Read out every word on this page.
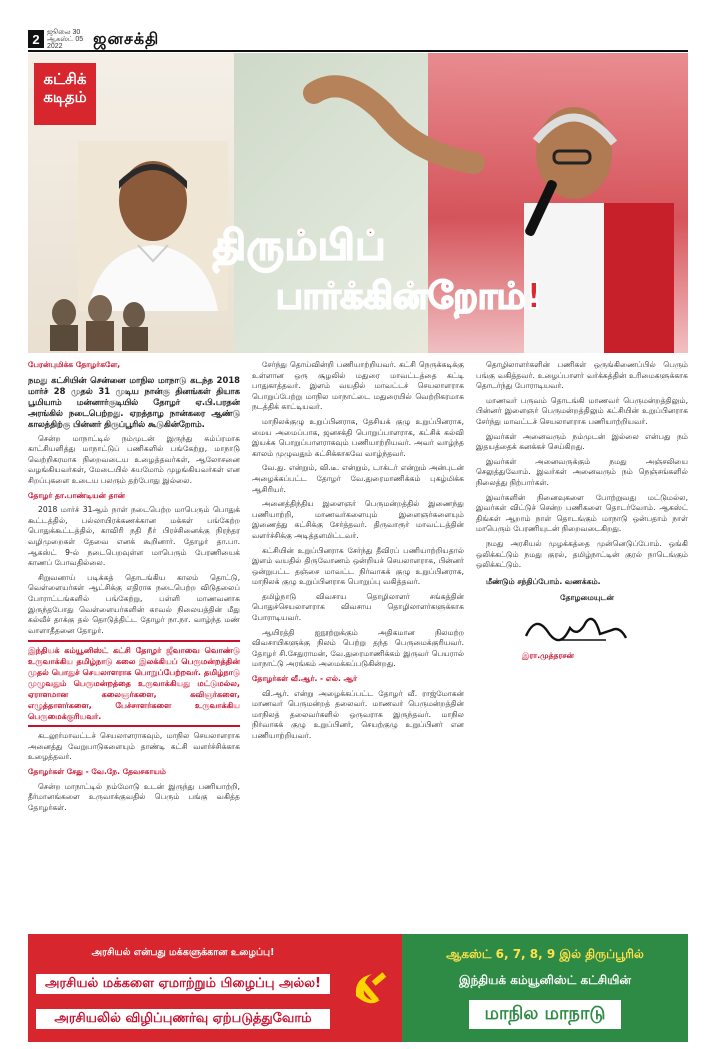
2	ஜூலை 30
ஆகஸ்ட் 05
2022	ஜனசக்தி
கட்சிக்
கடிதம்
திரும்பிப்
பார்க்கின்றோம்!

பேரன்புமிக்க தோழர்களே,

நமது கட்சியின் சென்னை மாநில மாநாடு கடந்த 2018 மார்ச் 28 முதல் 31 முடிய நான்கு தினங்கள் தியாக பூமியாம் மன்னார்குடியில் தோழர் ஏ.பி.பரதன் அரங்கில் நடைபெற்றது. ஏறத்தாழ நான்கரை ஆண்டு காலத்திற்கு பின்னர் திருப்பூரில் கூடுகின்றோம்.

சென்ற மாநாட்டில் நம்முடன் இருந்து சும்ப்ரமாக காட்சியளித்து மாநாட்டுப் பணிகளில் பங்கேற்று, மாநாடு வெற்றிகரமாக நிறைவடைய உழைத்தவர்கள், ஆலோசனை வழங்கியவர்கள், மேடையில் சுயமோம் முழங்கியவர்கள் என சிறப்புகளை உடைய பலரும் தற்போது இல்லை.

தோழர் தா.பாண்டியன் தான்

2018 மார்ச் 31ஆம் நாள் நடைபெற்ற மாபெரும் பொதுக் கூட்டத்தில், பல்லாயிரக்கணக்கான மக்கள் பங்கேற்ற பொதுக்கூட்டத்தில், காவிரி நதி நீர் பிரச்சினைக்கு நிரந்தர வழிமுறைகள் தேவை எனக் கூறினார். தோழர் தா.பா. ஆகஸ்ட் 9-ல் நடைபெறவுள்ள மாபெரும் பேரணியைக் காணப் போவதில்லை.

சிறுவனாய் படிக்கத் தொடங்கிய காலம் தொட்டு, வெள்ளையர்கள் ஆட்சிக்கு எதிராக நடைபெற்ற விடுதலைப் போராட்டங்களில் பங்கேற்று, பள்ளி மாணவனாக இருந்தபோது வெள்ளையர்களின் காவல் நிலையத்தின் மீது கல்வீச் தாக்கு தல் தொடுத்திட்ட தோழர் நா.நா. வாழ்ந்த மண் வாளாதீதனை தோழர்.

இந்தியக் கம்யூனிஸ்ட் கட்சி தோழர் ஜீவாவை வொண்டு உருவாக்கிய தமிழ்நாடு கலை இலக்கியப் பெருமன்றத்தின் முதல் பொதுச் செயலாளராக பொறுப்பேற்றவர். தமிழ்நாடு முழுவதும் பெருமன்றத்தை உருவாக்கியது மட்டுமல்ல, ஏராளமான கலைஞர்களை, கவிஞர்களை, எழுத்தாளர்களை, பேச்சாளர்களை உருவாக்கிய பெருமைக்குரியவர்.

கடலூர்மாவட்டச் செயலாளராகவும், மாநில செயலாளராக அனைத்து வேறுபாடுகளையும் தாண்டி கட்சி வளர்ச்சிக்காக உழைத்தவர்.

தோழர்கள் சேது - வே.நே. தேவசகாயம்

சென்ற மாநாட்டில் நம்மோடு உடன் இருந்து பணியாற்றி, தீர்மானங்களை உருவாக்குவதில் பெரும் பங்கு வகித்த தோழர்கள்.

சேர்ந்து தொய்வின்றி பணியாற்றியவர். கட்சி நெருக்கடிக்கு உள்ளான ஒரு சூழலில் மதுரை மாவட்டத்தை கட்டி பாதுகாத்தவர். இளம் வயதில் மாவட்டச் செயலாளராக பொறுப்பேற்று மாநில மாநாட்டை மதுரையில் வெற்றிகரமாக நடத்திக் காட்டியவர்.

மாநிலக்குழு உறுப்பினராக, தேசியக் குழு உறுப்பினராக, மைய அமைப்பாக, ஜனசக்தி பொறுப்பாளராக, கட்சிக் கல்வி இயக்க பொறுப்பாளராகவும் பணியாற்றியவர். அவர் வாழ்ந்த காலம் முழுவதும் கட்சிக்காகவே வாழ்ந்தவர்.

வே.து. என்றும், வி.டீ. என்றும், டாக்டர் என்றும் அன்புடன் அழைக்கப்பட்ட தோழர் வே.துரைமாணிக்கம் புகழ்மிக்க ஆசிரியர்.

அனைத்திந்திய இளைஞர் பெருமன்றத்தில் இணைந்து பணியாற்றி, மாணவர்களையும் இளைஞர்களையும் இணைத்து கட்சிக்கு சேர்த்தவர். திருவாரூர் மாவட்டத்தின் வளர்ச்சிக்கு அடித்தளமிட்டவர்.

கட்சியின் உறுப்பினராக சேர்ந்து தீவிரப் பணியாற்றியதால் இளம் வயதில் திருவோணம் ஒன்றியச் செயலாளராக, பின்னர் ஒன்றுபட்ட தஞ்சை மாவட்ட நிர்வாகக் குழு உறுப்பினராக, மாநிலக் குழு உறுப்பினராக பொறுப்பு வகித்தவர்.

தமிழ்நாடு விவசாய தொழிலாளர் சங்கத்தின் பொதுச்செயலாளராக விவசாய தொழிலாளர்களுக்காக போராடியவர்.

ஆயிரத்தி ஐநூற்றுக்கும் அதிகமான நிலமற்ற விவசாயிகளுக்கு நிலம் பெற்று தந்த பெருமைக்குரியவர். தோழர் சி.சேதுராமன், வே.துரைமாணிக்கம் இருவர் பெயரால் மாநாட்டு அரங்கம் அமைக்கப்படுகின்றது.

தோழர்கள் வீ.ஆர். - எல். ஆர்

வி.ஆர். என்று அழைக்கப்பட்ட தோழர் வீ. ராஜ்மோகன் மாணவர் பெருமன்றத் தலைவர். மாணவர் பெருமன்றத்தின் மாநிலத் தலைவர்களில் ஒருவராக இருந்தவர். மாநில நிர்வாகக் குழு உறுப்பினர், செயற்குழு உறுப்பினர் என பணியாற்றியவர்.

தொழிலாளர்களின் பணிகள் ஒருங்கிணைப்பில் பெரும் பங்கு வகித்தவர். உழைப்பாளர் வர்க்கத்தின் உரிமைகளுக்காக தொடர்ந்து போராடியவர்.

மாணவர் பருவம் தொடங்கி மாணவர் பெருமன்றத்திலும், பின்னர் இளைஞர் பெருமன்றத்திலும் கட்சியின் உறுப்பினராக சேர்ந்து மாவட்டச் செயலாளராக பணியாற்றியவர்.

இவர்கள் அனைவரும் நம்முடன் இல்லை என்பது நம் இதயத்தைக் கனக்கச் செய்கிறது.

இவர்கள் அனைவருக்கும் நமது அஞ்சலியை செலுத்துவோம். இவர்கள் அனைவரும் நம் நெஞ்சங்களில் நிலைத்து நிற்பார்கள்.

இவர்களின் நினைவுகளை போற்றுவது மட்டுமல்ல, இவர்கள் விட்டுச் சென்ற பணிகளை தொடர்வோம். ஆகஸ்ட் திங்கள் ஆறாம் நாள் தொடங்கும் மாநாடு ஒன்பதாம் நாள் மாபெரும் பேரணியுடன் நிறைவடைகிறது.

நமது அரசியல் முழக்கத்தை முன்னெடுப்போம். ஒங்கி ஒலிக்கட்டும் நமது குரல், தமிழ்நாட்டின் குரல் நாடெங்கும் ஒலிக்கட்டும்.

மீண்டும் சந்திப்போம். வணக்கம்.

தோழமையுடன்

இரா.முத்தரசன்

அரசியல் என்பது மக்களுக்கான உழைப்பு!
அரசியல் மக்களை ஏமாற்றும் பிழைப்பு அல்ல!
அரசியலில் விழிப்புணர்வு ஏற்படுத்துவோம்
ஆகஸ்ட் 6, 7, 8, 9 இல் திருப்பூரில்
இந்தியக் கம்யூனிஸ்ட் கட்சியின்
மாநில மாநாடு
